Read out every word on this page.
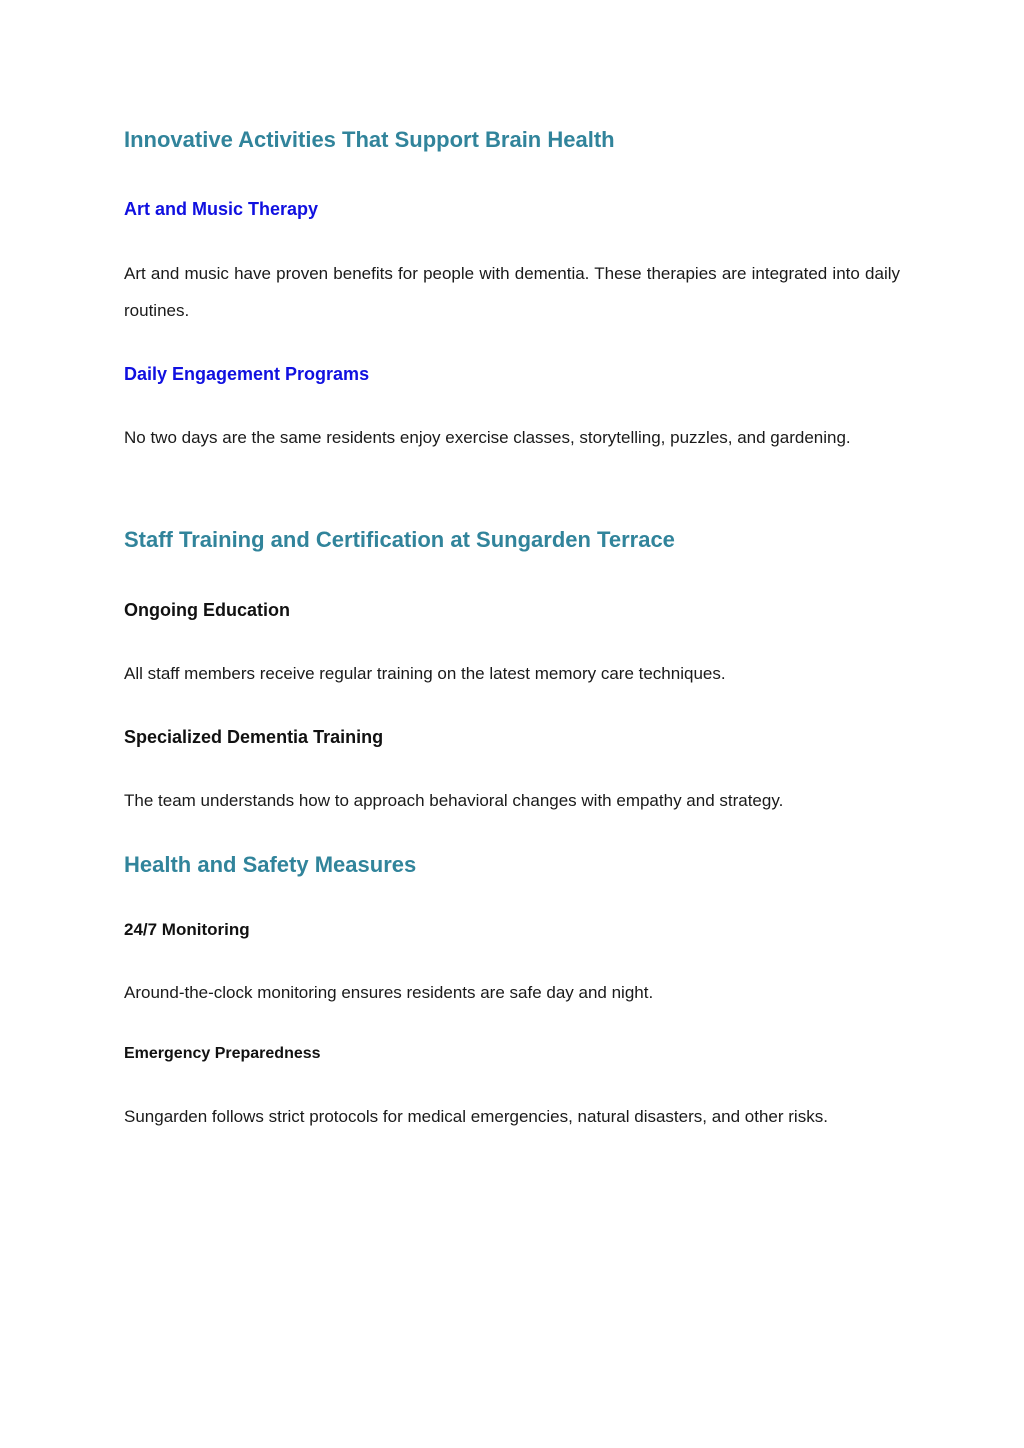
Innovative Activities That Support Brain Health
Art and Music Therapy

Art and music have proven benefits for people with dementia. These therapies are integrated into daily routines.

Daily Engagement Programs

No two days are the same residents enjoy exercise classes, storytelling, puzzles, and gardening.

Staff Training and Certification at Sungarden Terrace
Ongoing Education

All staff members receive regular training on the latest memory care techniques.

Specialized Dementia Training

The team understands how to approach behavioral changes with empathy and strategy.

Health and Safety Measures
24/7 Monitoring

Around-the-clock monitoring ensures residents are safe day and night.

Emergency Preparedness

Sungarden follows strict protocols for medical emergencies, natural disasters, and other risks.
